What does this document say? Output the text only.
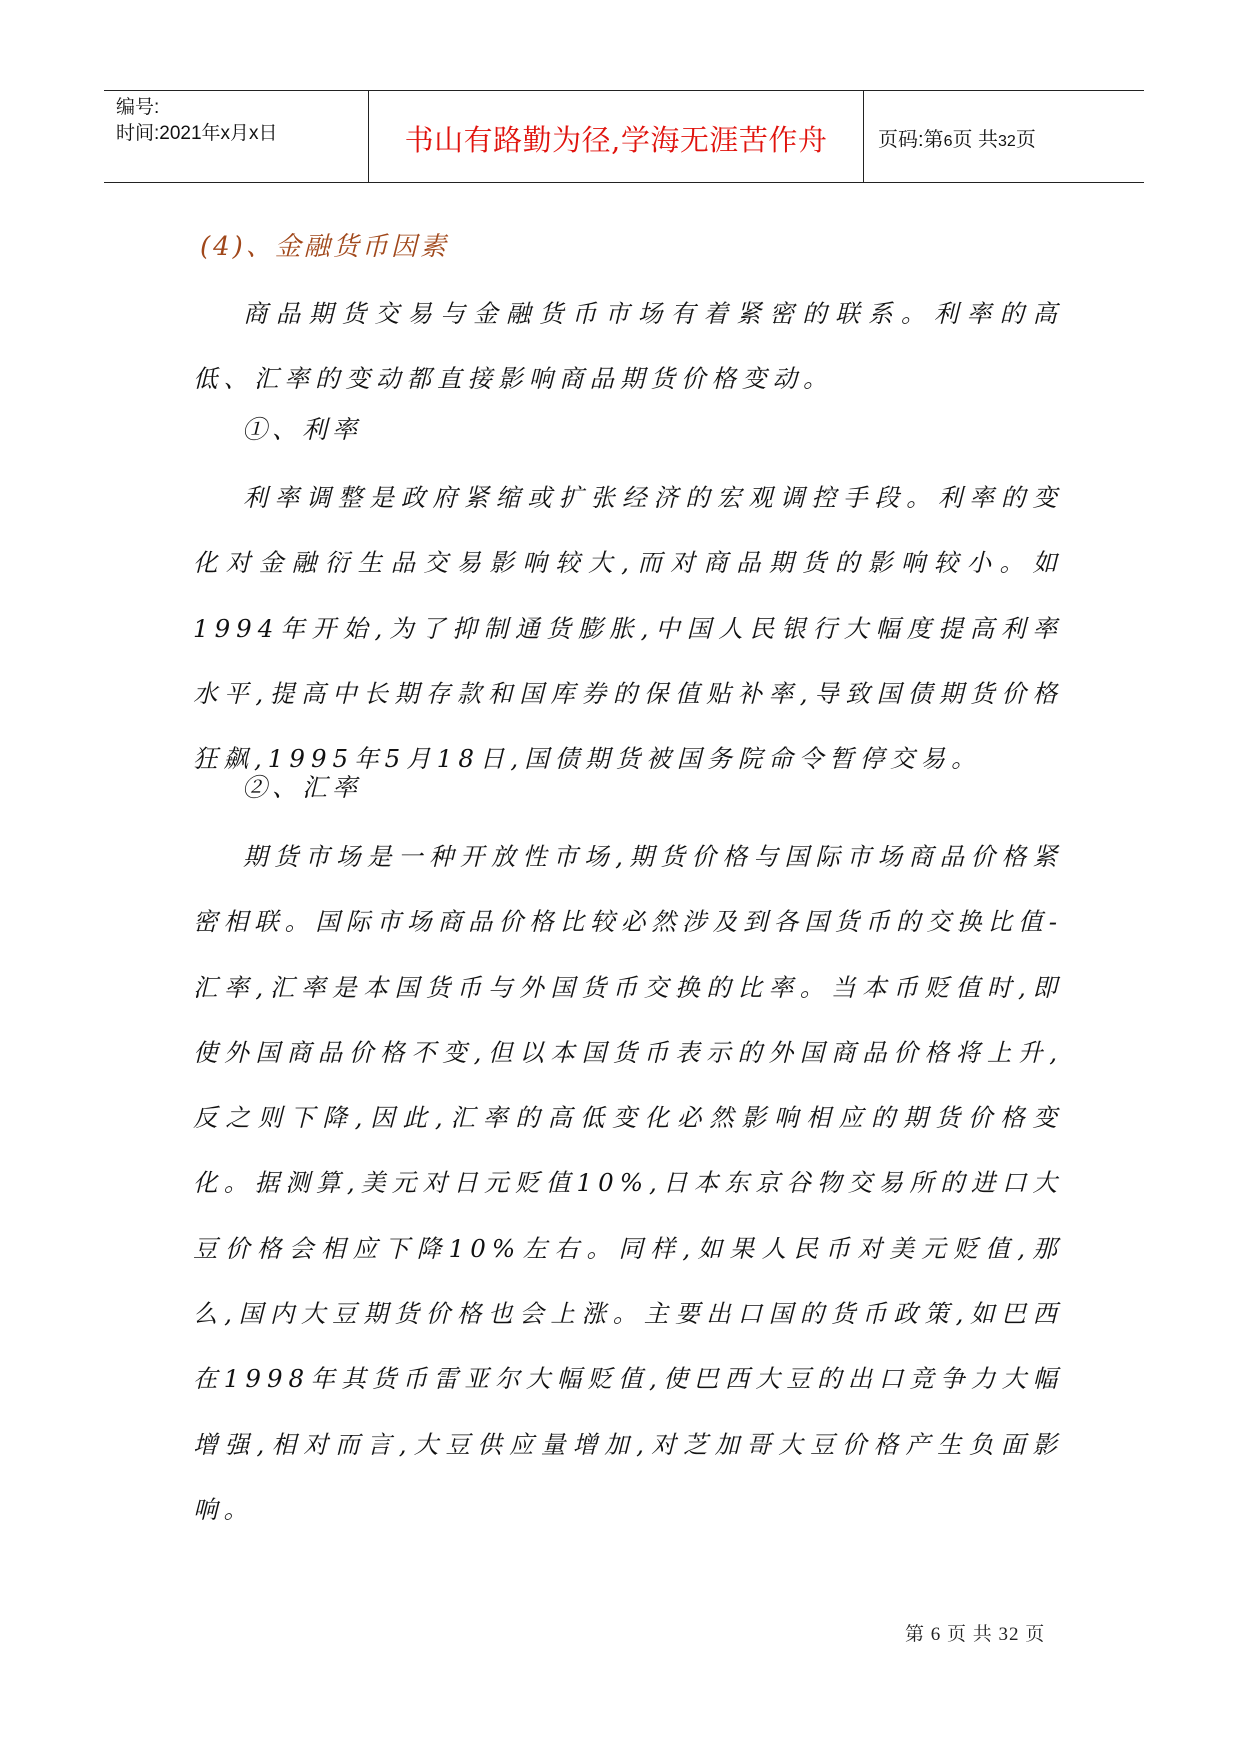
编号:
时间:2021年x月x日	书山有路勤为径,学海无涯苦作舟	页码:第6页 共32页
(4)、金融货币因素

商品期货交易与金融货币市场有着紧密的联系。利率的高低、汇率的变动都直接影响商品期货价格变动。

①、利率

利率调整是政府紧缩或扩张经济的宏观调控手段。利率的变化对金融衍生品交易影响较大,而对商品期货的影响较小。如1994年开始,为了抑制通货膨胀,中国人民银行大幅度提高利率水平,提高中长期存款和国库券的保值贴补率,导致国债期货价格狂飙,1995年5月18日,国债期货被国务院命令暂停交易。

②、汇率

期货市场是一种开放性市场,期货价格与国际市场商品价格紧密相联。国际市场商品价格比较必然涉及到各国货币的交换比值-汇率,汇率是本国货币与外国货币交换的比率。当本币贬值时,即使外国商品价格不变,但以本国货币表示的外国商品价格将上升,反之则下降,因此,汇率的高低变化必然影响相应的期货价格变化。据测算,美元对日元贬值10%,日本东京谷物交易所的进口大豆价格会相应下降10%左右。同样,如果人民币对美元贬值,那么,国内大豆期货价格也会上涨。主要出口国的货币政策,如巴西在1998年其货币雷亚尔大幅贬值,使巴西大豆的出口竞争力大幅增强,相对而言,大豆供应量增加,对芝加哥大豆价格产生负面影响。

第 6 页 共 32 页
